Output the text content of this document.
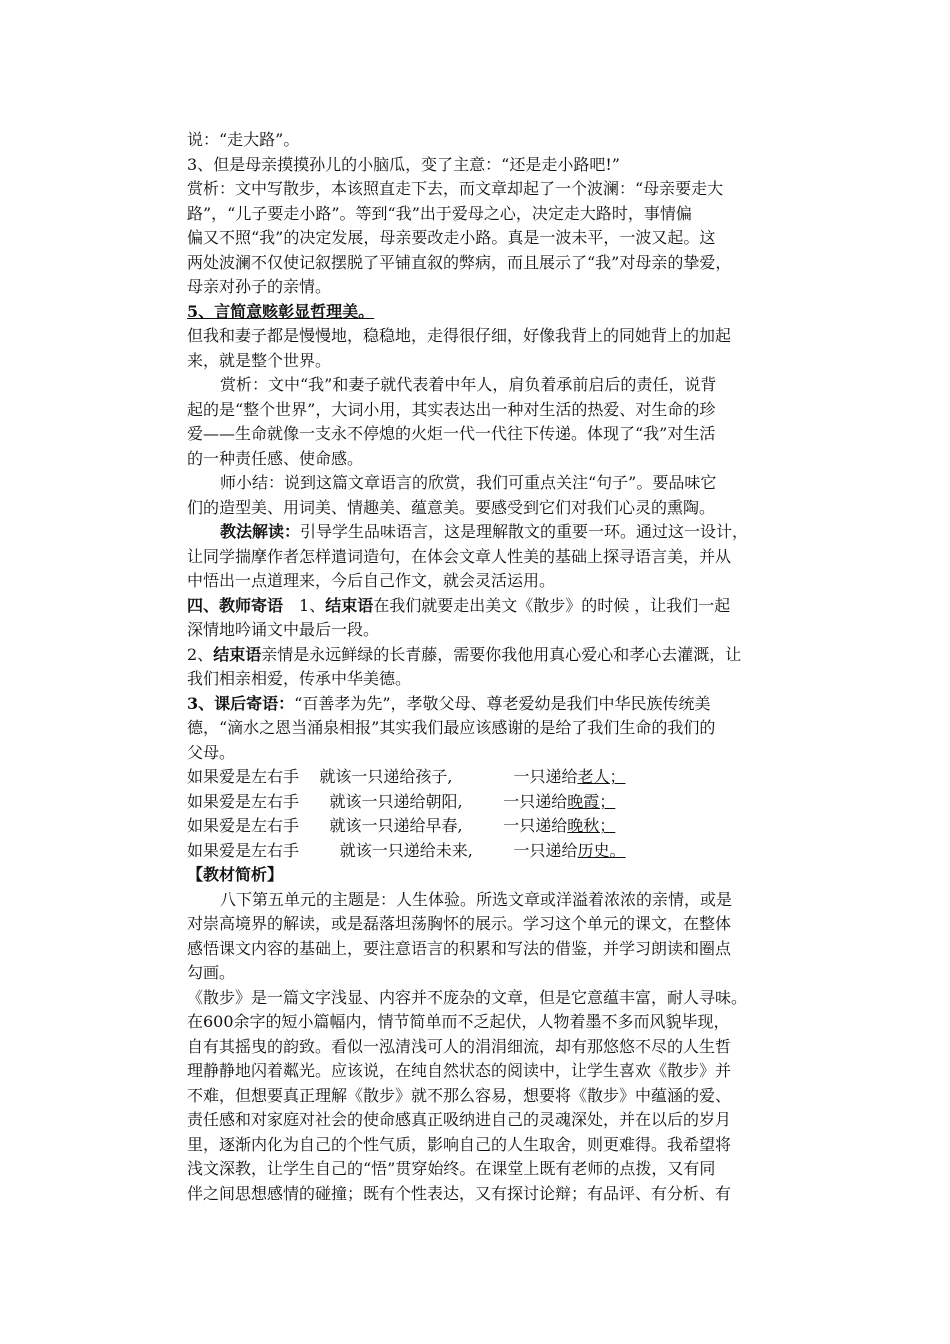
说：“走大路”。
3、但是母亲摸摸孙儿的小脑瓜，变了主意：“还是走小路吧!”
赏析：文中写散步，本该照直走下去，而文章却起了一个波澜：“母亲要走大
路”，“儿子要走小路”。等到“我”出于爱母之心，决定走大路时，事情偏
偏又不照“我”的决定发展，母亲要改走小路。真是一波未平，一波又起。这
两处波澜不仅使记叙摆脱了平铺直叙的弊病，而且展示了“我”对母亲的挚爱，
母亲对孙子的亲情。
5、言简意赅彰显哲理美。
但我和妻子都是慢慢地，稳稳地，走得很仔细，好像我背上的同她背上的加起
来，就是整个世界。
赏析：文中“我”和妻子就代表着中年人，肩负着承前启后的责任，说背
起的是“整个世界”，大词小用，其实表达出一种对生活的热爱、对生命的珍
爱——生命就像一支永不停熄的火炬一代一代往下传递。体现了“我”对生活
的一种责任感、使命感。
师小结：说到这篇文章语言的欣赏，我们可重点关注“句子”。要品味它
们的造型美、用词美、情趣美、蕴意美。要感受到它们对我们心灵的熏陶。
教法解读：引导学生品味语言，这是理解散文的重要一环。通过这一设计，
让同学揣摩作者怎样遣词造句，在体会文章人性美的基础上探寻语言美，并从
中悟出一点道理来，今后自己作文，就会灵活运用。
四、教师寄语 1、结束语在我们就要走出美文《散步》的时候 ，让我们一起
深情地吟诵文中最后一段。
2、结束语亲情是永远鲜绿的长青藤，需要你我他用真心爱心和孝心去灌溉，让
我们相亲相爱，传承中华美德。
3、课后寄语：“百善孝为先”，孝敬父母、尊老爱幼是我们中华民族传统美
德，“滴水之恩当涌泉相报”其实我们最应该感谢的是给了我们生命的我们的
父母。
如果爱是左右手    就该一只递给孩子,            一只递给老人；
如果爱是左右手      就该一只递给朝阳,        一只递给晚霞；
如果爱是左右手      就该一只递给早春,        一只递给晚秋；
如果爱是左右手        就该一只递给未来,        一只递给历史。
【教材简析】
八下第五单元的主题是：人生体验。所选文章或洋溢着浓浓的亲情，或是
对崇高境界的解读，或是磊落坦荡胸怀的展示。学习这个单元的课文，在整体
感悟课文内容的基础上，要注意语言的积累和写法的借鉴，并学习朗读和圈点
勾画。
《散步》是一篇文字浅显、内容并不庞杂的文章，但是它意蕴丰富，耐人寻味。
在600余字的短小篇幅内，情节简单而不乏起伏，人物着墨不多而风貌毕现，
自有其摇曳的韵致。看似一泓清浅可人的涓涓细流，却有那悠悠不尽的人生哲
理静静地闪着粼光。应该说，在纯自然状态的阅读中，让学生喜欢《散步》并
不难，但想要真正理解《散步》就不那么容易，想要将《散步》中蕴涵的爱、
责任感和对家庭对社会的使命感真正吸纳进自己的灵魂深处，并在以后的岁月
里，逐渐内化为自己的个性气质，影响自己的人生取舍，则更难得。我希望将
浅文深教，让学生自己的“悟”贯穿始终。在课堂上既有老师的点拨，又有同
伴之间思想感情的碰撞；既有个性表达，又有探讨论辩；有品评、有分析、有
